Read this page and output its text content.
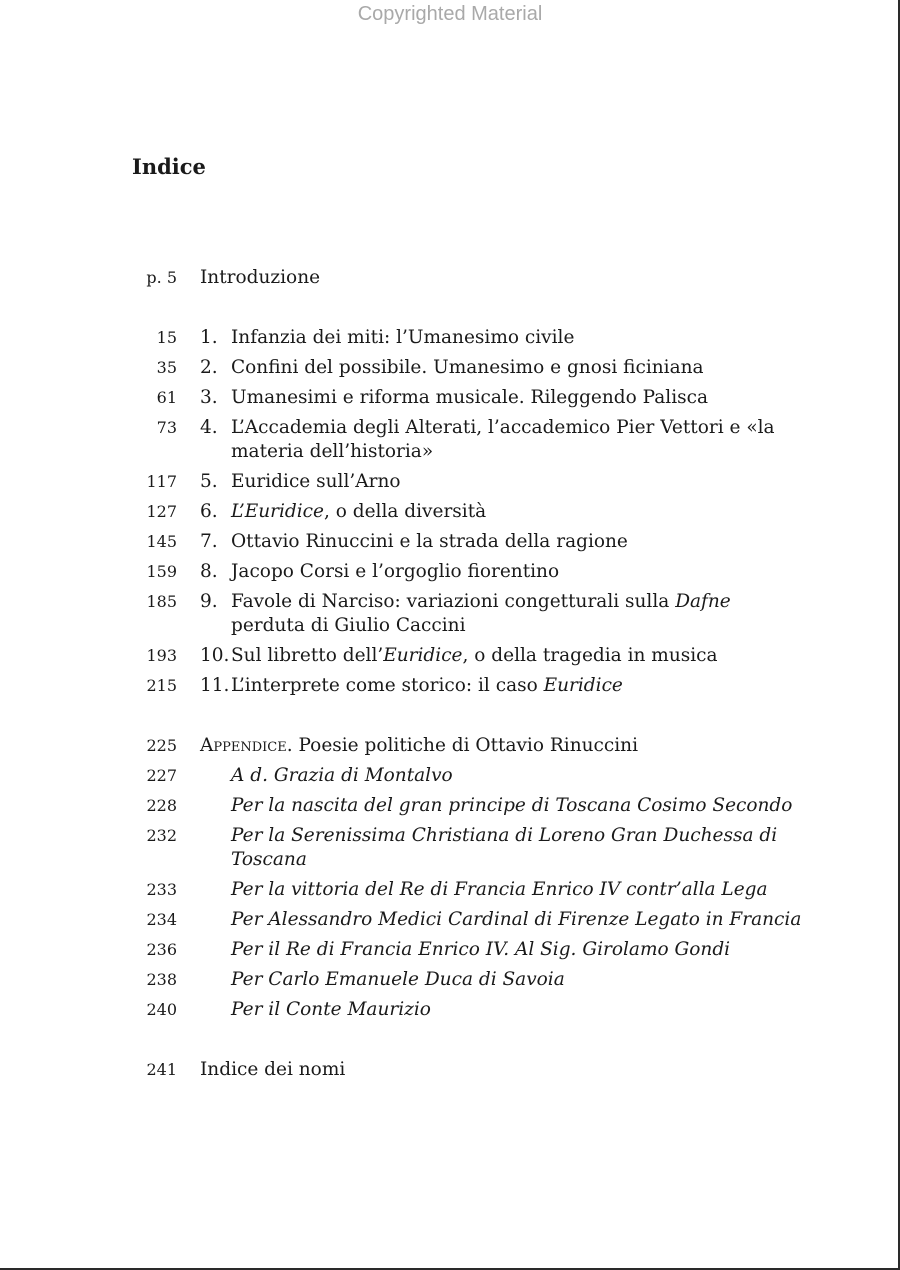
Copyrighted Material
Indice
p. 5 Introduzione
15 1. Infanzia dei miti: l’Umanesimo civile
35 2. Confini del possibile. Umanesimo e gnosi ficiniana
61 3. Umanesimi e riforma musicale. Rileggendo Palisca
73 4. L’Accademia degli Alterati, l’accademico Pier Vettori e «la
materia dell’historia»
117 5. Euridice sull’Arno
127 6. L’Euridice, o della diversità
145 7. Ottavio Rinuccini e la strada della ragione
159 8. Jacopo Corsi e l’orgoglio fiorentino
185 9. Favole di Narciso: variazioni congetturali sulla Dafne
perduta di Giulio Caccini
193 10. Sul libretto dell’Euridice, o della tragedia in musica
215 11. L’interprete come storico: il caso Euridice
225 Appendice. Poesie politiche di Ottavio Rinuccini
227	A d. Grazia di Montalvo
228	Per la nascita del gran principe di Toscana Cosimo Secondo
232	Per la Serenissima Christiana di Loreno Gran Duchessa di
Toscana
233	Per la vittoria del Re di Francia Enrico IV contr’alla Lega
234	Per Alessandro Medici Cardinal di Firenze Legato in Francia
236	Per il Re di Francia Enrico IV. Al Sig. Girolamo Gondi
238	Per Carlo Emanuele Duca di Savoia
240	Per il Conte Maurizio
241 Indice dei nomi
